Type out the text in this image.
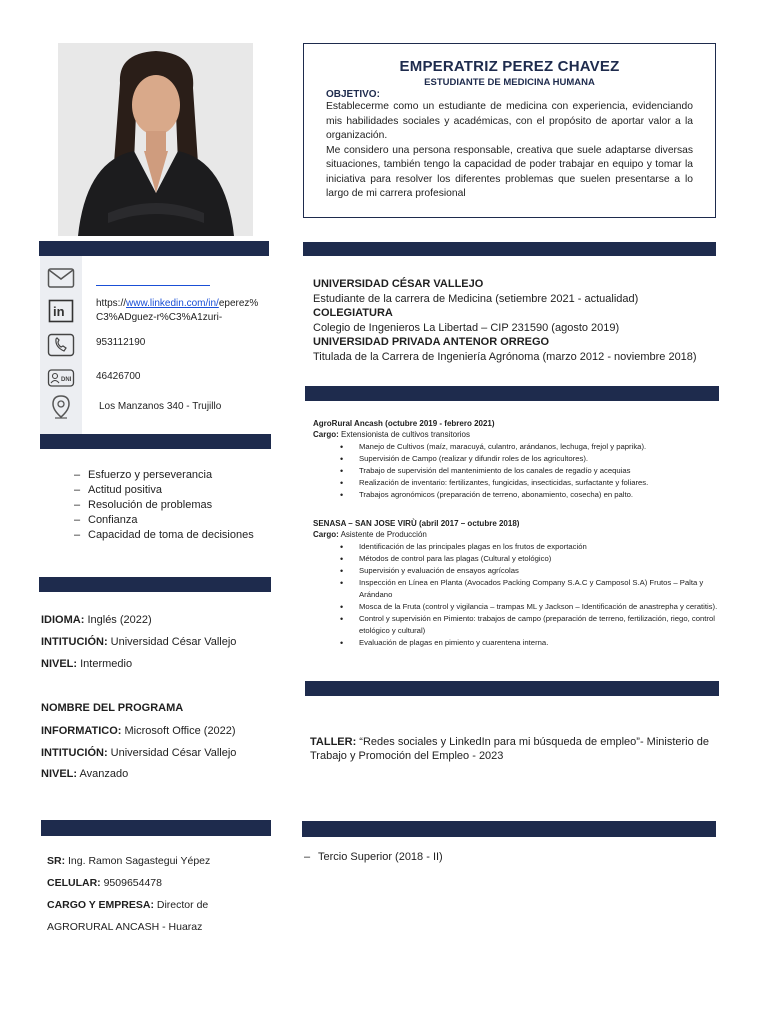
EMPERATRIZ PEREZ CHAVEZ
ESTUDIANTE DE MEDICINA HUMANA
OBJETIVO:
Establecerme como un estudiante de medicina con experiencia, evidenciando mis habilidades sociales y académicas, con el propósito de aportar valor a la organización.
Me considero una persona responsable, creativa que suele adaptarse diversas situaciones, también tengo la capacidad de poder trabajar en equipo y tomar la iniciativa para resolver los diferentes problemas que suelen presentarse a lo largo de mi carrera profesional
in
https://www.linkedin.com/in/eperez%
C3%ADguez-r%C3%A1zuri-
953112190
DNI 46426700
Los Manzanos 340 - Trujillo
– Esfuerzo y perseverancia
– Actitud positiva
– Resolución de problemas
– Confianza
– Capacidad de toma de decisiones
IDIOMA: Inglés (2022)
INTITUCIÓN: Universidad César Vallejo
NIVEL: Intermedio
NOMBRE DEL PROGRAMA
INFORMATICO: Microsoft Office (2022)
INTITUCIÓN: Universidad César Vallejo
NIVEL: Avanzado
SR: Ing. Ramon Sagastegui Yépez
CELULAR: 9509654478
CARGO Y EMPRESA: Director de
AGRORURAL ANCASH - Huaraz
UNIVERSIDAD CÉSAR VALLEJO
Estudiante de la carrera de Medicina (setiembre 2021 - actualidad)
COLEGIATURA
Colegio de Ingenieros La Libertad – CIP 231590 (agosto 2019)
UNIVERSIDAD PRIVADA ANTENOR ORREGO
Titulada de la Carrera de Ingeniería Agrónoma (marzo 2012 - noviembre 2018)
AgroRural Ancash (octubre 2019 - febrero 2021)
Cargo: Extensionista de cultivos transitorios
• Manejo de Cultivos (maíz, maracuyá, culantro, arándanos, lechuga, frejol y paprika).
• Supervisión de Campo (realizar y difundir roles de los agricultores).
• Trabajo de supervisión del mantenimiento de los canales de regadío y acequias
• Realización de inventario: fertilizantes, fungicidas, insecticidas, surfactante y foliares.
• Trabajos agronómicos (preparación de terreno, abonamiento, cosecha) en palto.
SENASA – SAN JOSE VIRÙ (abril 2017 – octubre 2018)
Cargo: Asistente de Producción
• Identificación de las principales plagas en los frutos de exportación
• Métodos de control para las plagas (Cultural y etológico)
• Supervisión y evaluación de ensayos agrícolas
• Inspección en Línea en Planta (Avocados Packing Company S.A.C y Camposol S.A) Frutos – Palta y Arándano
• Mosca de la Fruta (control y vigilancia – trampas ML y Jackson – Identificación de anastrepha y ceratitis).
• Control y supervisión en Pimiento: trabajos de campo (preparación de terreno, fertilización, riego, control etológico y cultural)
• Evaluación de plagas en pimiento y cuarentena interna.
TALLER: “Redes sociales y LinkedIn para mi búsqueda de empleo”- Ministerio de Trabajo y Promoción del Empleo - 2023
– Tercio Superior (2018 - II)
